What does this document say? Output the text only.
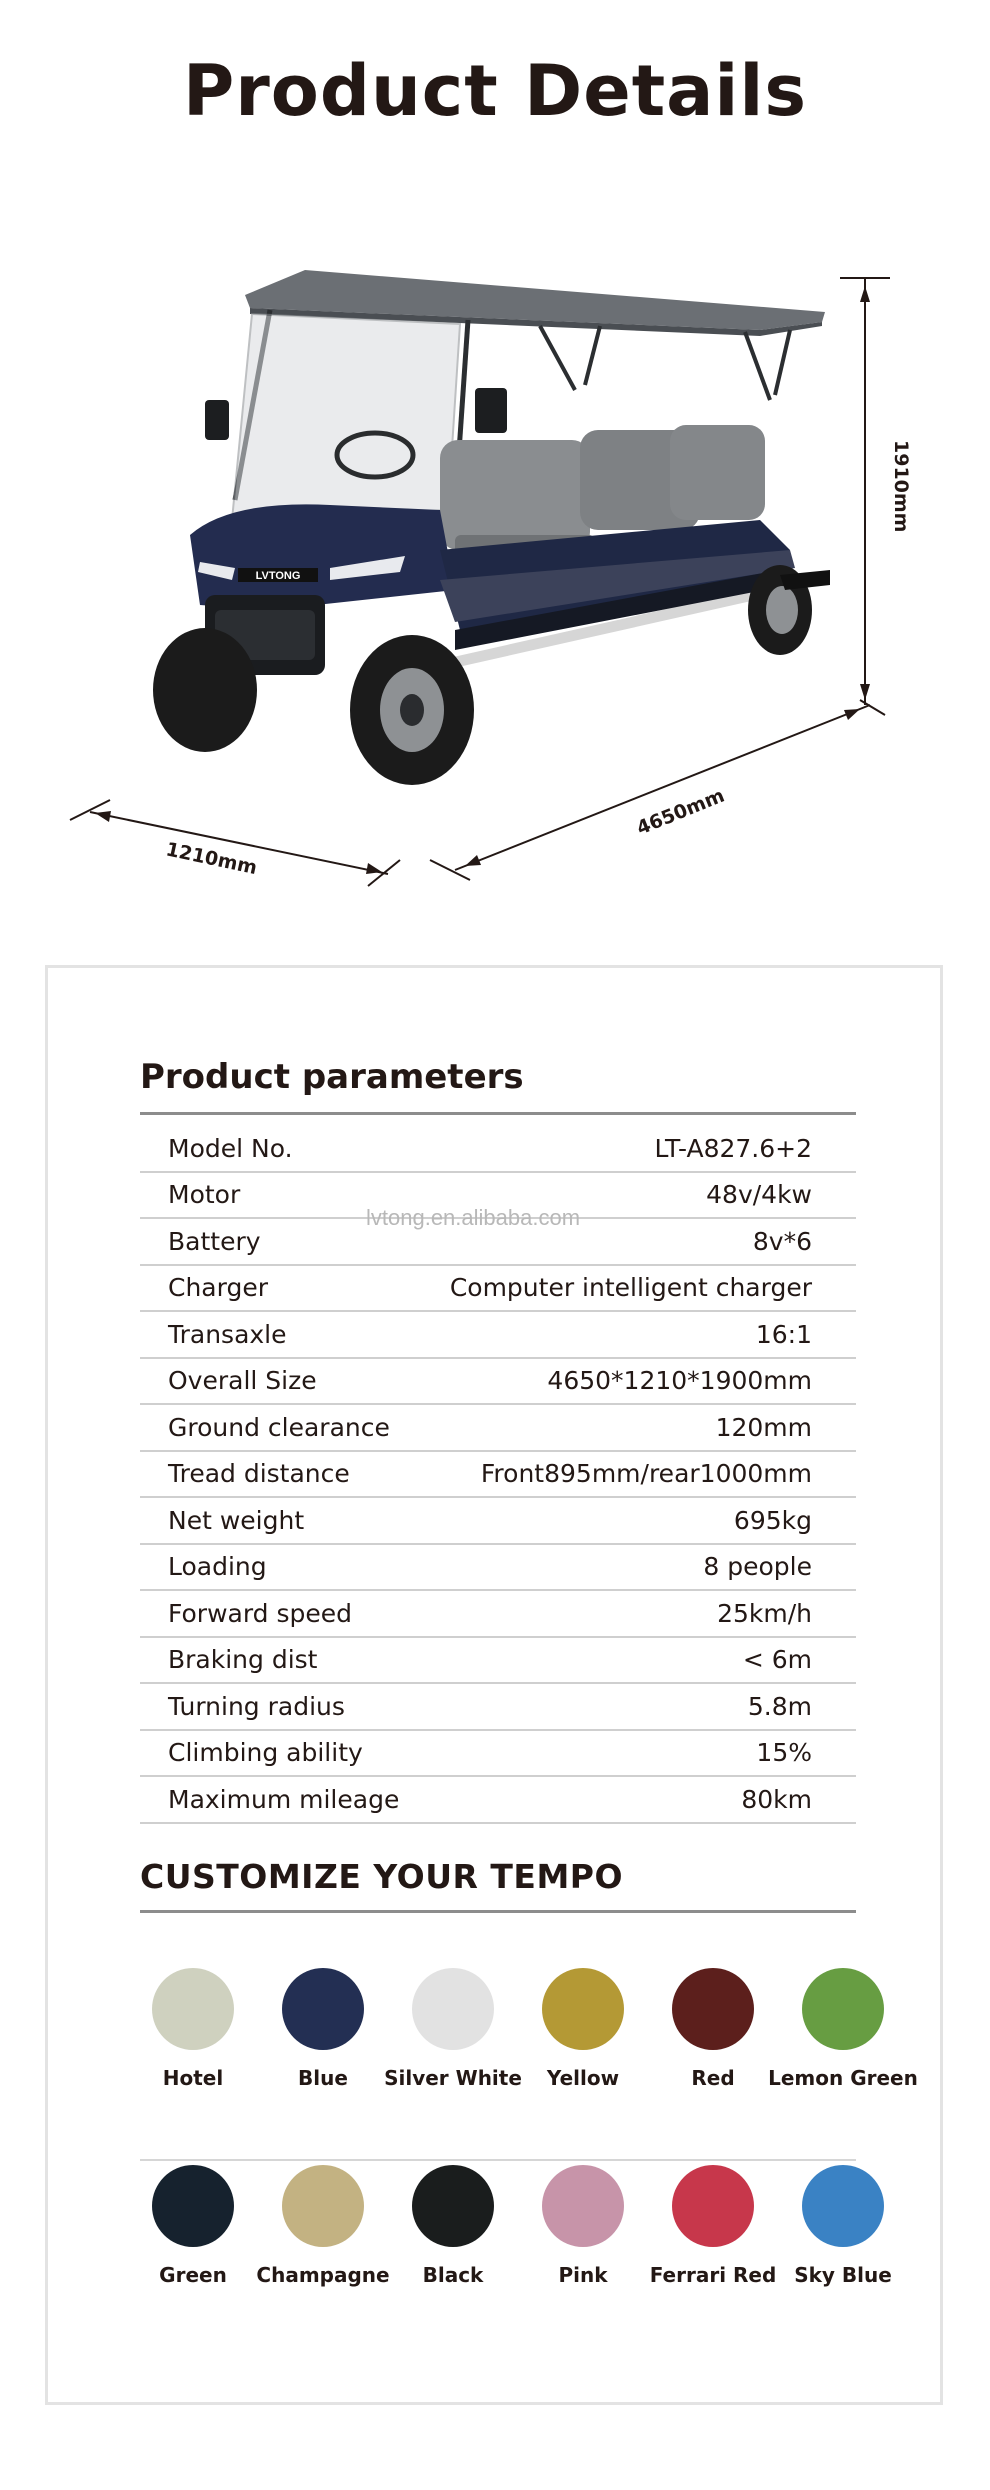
Product Details
LVTONG
1910mm
4650mm
1210mm
Product parameters
Model No.	LT-A827.6+2
Motor	48v/4kw
Battery	8v*6
Charger	Computer intelligent charger
Transaxle	16:1
Overall Size	4650*1210*1900mm
Ground clearance	120mm
Tread distance	Front895mm/rear1000mm
Net weight	695kg
Loading	8 people
Forward speed	25km/h
Braking dist	< 6m
Turning radius	5.8m
Climbing ability	15%
Maximum mileage	80km
lvtong.en.alibaba.com
CUSTOMIZE YOUR TEMPO
Hotel	Blue Silver White Yellow	Red Lemon Green
Green Champagne Black	Pink Ferrari Red Sky Blue
